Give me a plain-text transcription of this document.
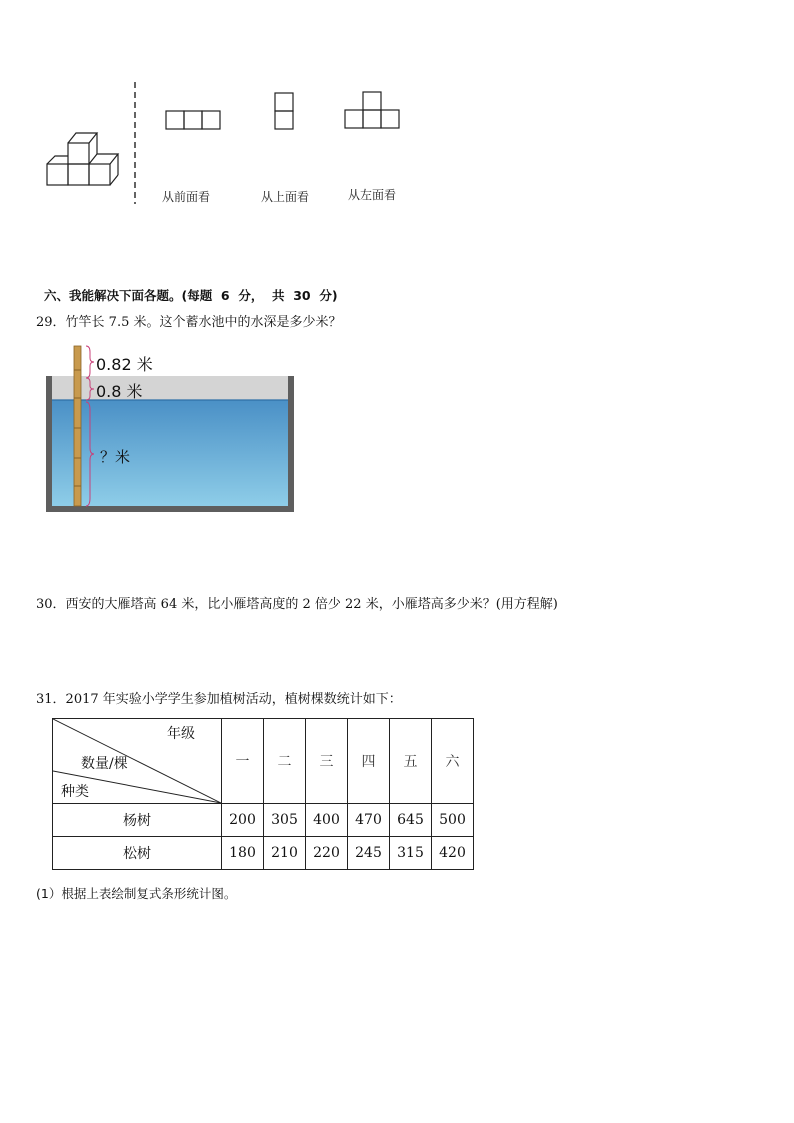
从前面看	从上面看	从左面看
六、我能解决下面各题。(每题  6  分，  共  30  分)
29．竹竿长 7.5 米。这个蓄水池中的水深是多少米？
0.82 米
0.8 米
？米
30．西安的大雁塔高 64 米，比小雁塔高度的 2 倍少 22 米，小雁塔高多少米？(用方程解)
31．2017 年实验小学学生参加植树活动，植树棵数统计如下：
年级
数量/棵
种类	一	二	三	四	五	六
杨树	200	305	400	470	645	500
松树	180	210	220	245	315	420
(1）根据上表绘制复式条形统计图。
